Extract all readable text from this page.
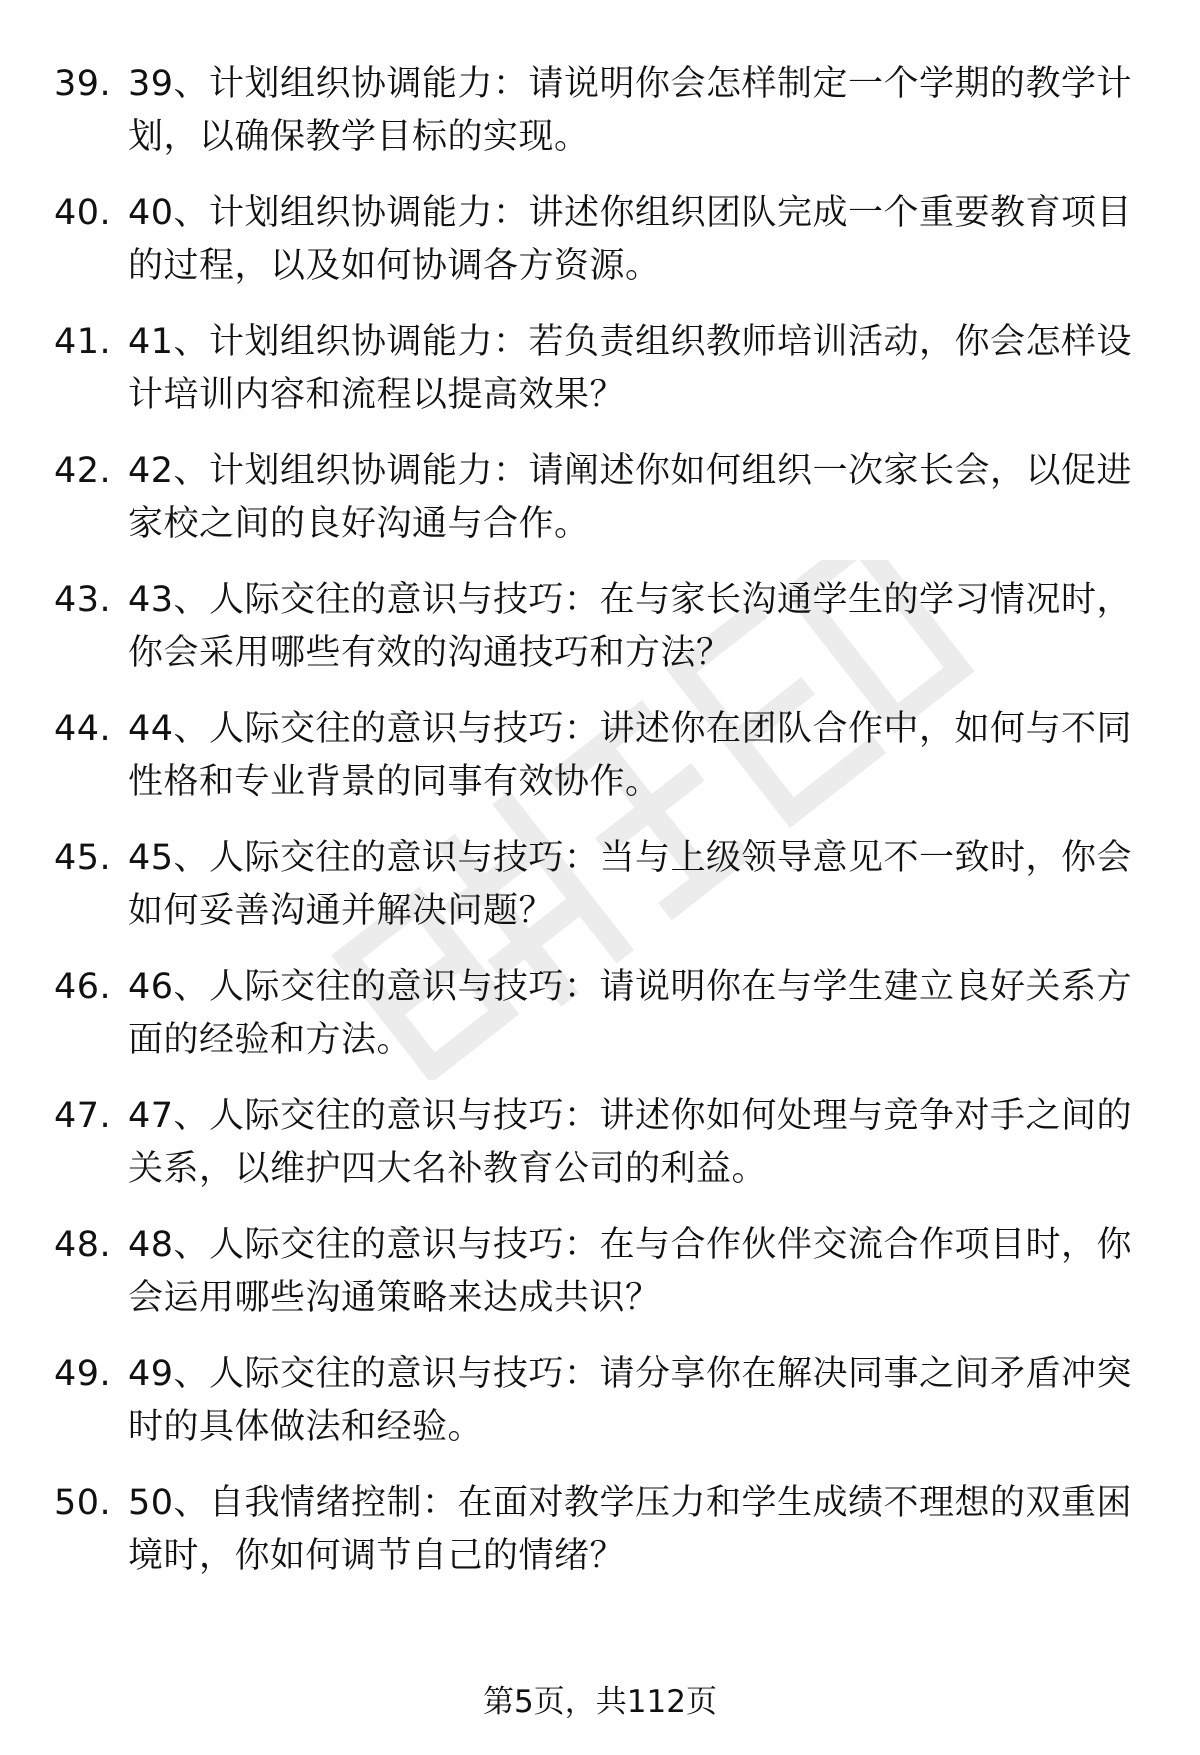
39. 39、计划组织协调能力：请说明你会怎样制定一个学期的教学计划，以确保教学目标的实现。
40. 40、计划组织协调能力：讲述你组织团队完成一个重要教育项目的过程，以及如何协调各方资源。
41. 41、计划组织协调能力：若负责组织教师培训活动，你会怎样设计培训内容和流程以提高效果？
42. 42、计划组织协调能力：请阐述你如何组织一次家长会，以促进家校之间的良好沟通与合作。
43. 43、人际交往的意识与技巧：在与家长沟通学生的学习情况时，你会采用哪些有效的沟通技巧和方法？
44. 44、人际交往的意识与技巧：讲述你在团队合作中，如何与不同性格和专业背景的同事有效协作。
45. 45、人际交往的意识与技巧：当与上级领导意见不一致时，你会如何妥善沟通并解决问题？
46. 46、人际交往的意识与技巧：请说明你在与学生建立良好关系方面的经验和方法。
47. 47、人际交往的意识与技巧：讲述你如何处理与竞争对手之间的关系，以维护四大名补教育公司的利益。
48. 48、人际交往的意识与技巧：在与合作伙伴交流合作项目时，你会运用哪些沟通策略来达成共识？
49. 49、人际交往的意识与技巧：请分享你在解决同事之间矛盾冲突时的具体做法和经验。
50. 50、自我情绪控制：在面对教学压力和学生成绩不理想的双重困境时，你如何调节自己的情绪？
第5页，共112页
